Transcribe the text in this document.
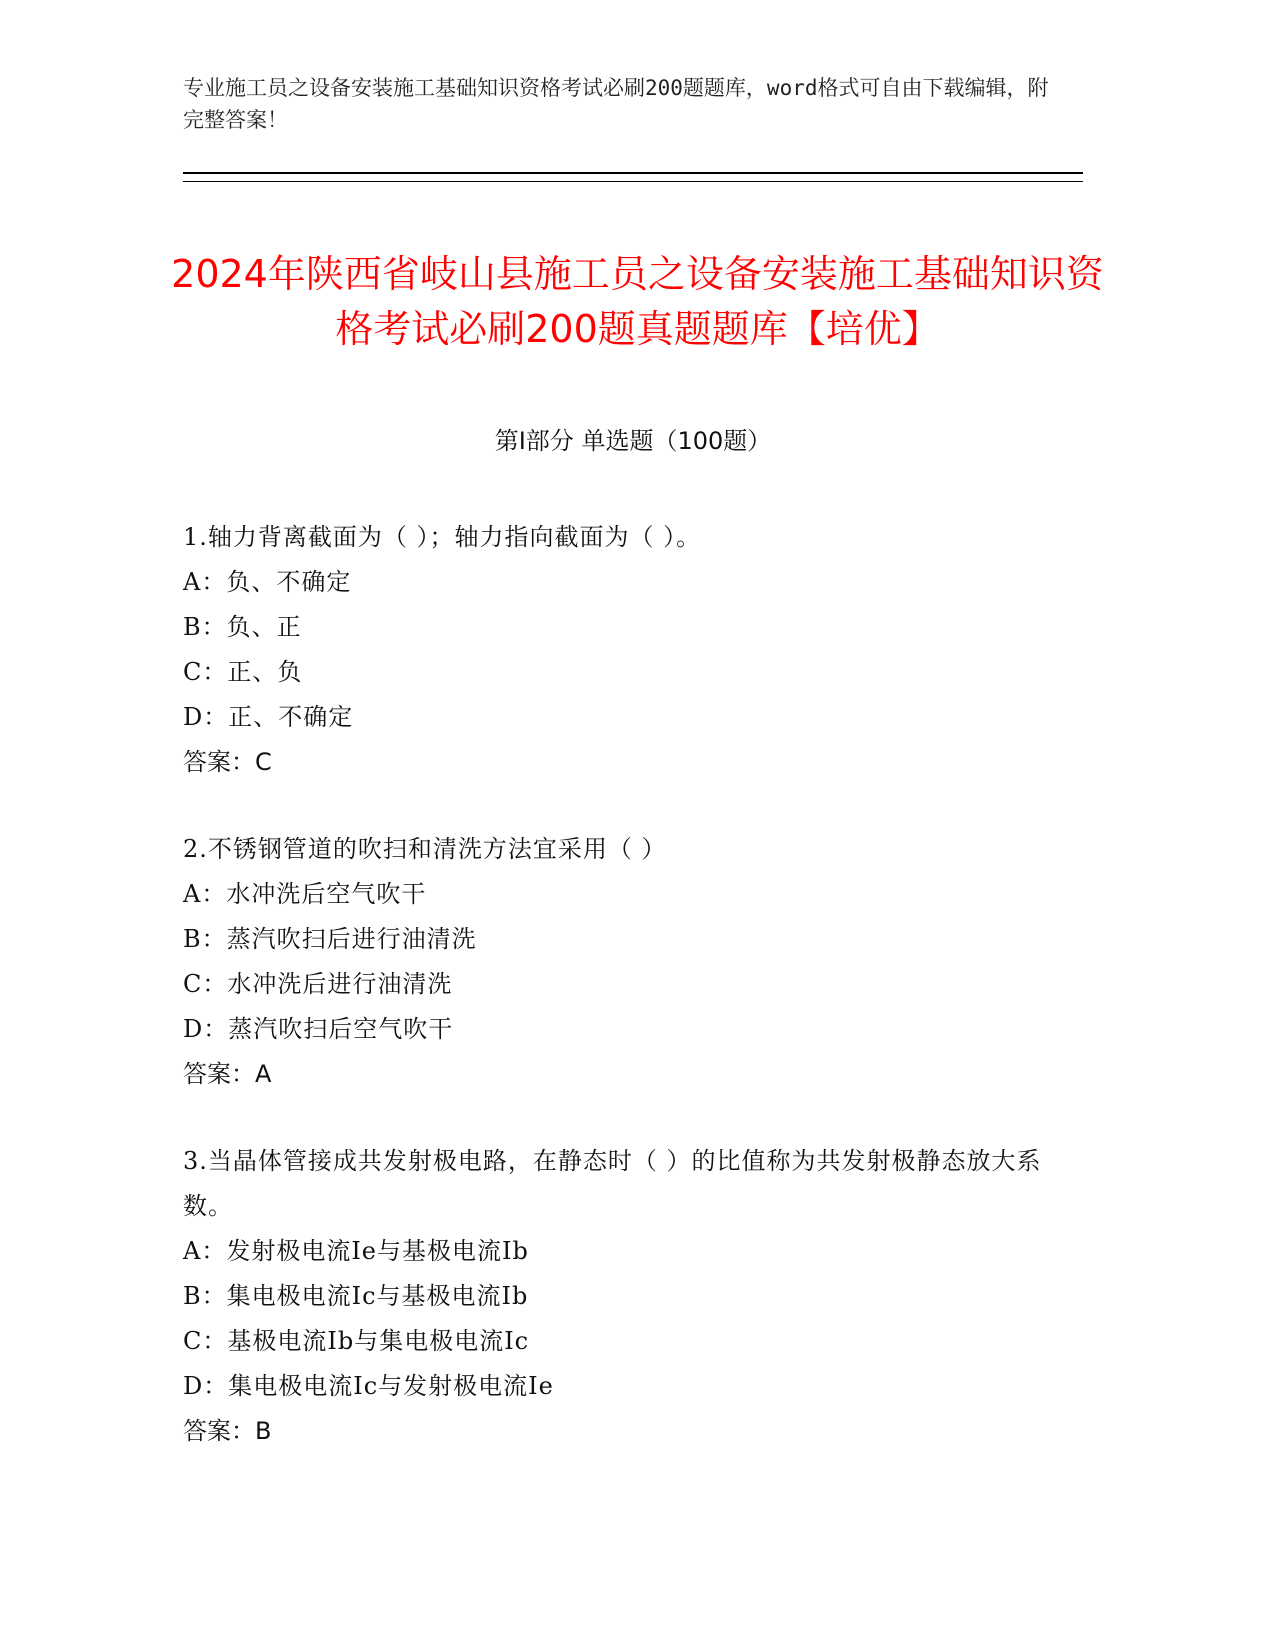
专业施工员之设备安装施工基础知识资格考试必刷200题题库，word格式可自由下载编辑，附完整答案！
2024年陕西省岐山县施工员之设备安装施工基础知识资格考试必刷200题真题题库【培优】
第I部分 单选题（100题）
1.轴力背离截面为（ ）；轴力指向截面为（ ）。
A：负、不确定
B：负、正
C：正、负
D：正、不确定
答案：C
2.不锈钢管道的吹扫和清洗方法宜采用（ ）
A：水冲洗后空气吹干
B：蒸汽吹扫后进行油清洗
C：水冲洗后进行油清洗
D：蒸汽吹扫后空气吹干
答案：A
3.当晶体管接成共发射极电路，在静态时（ ）的比值称为共发射极静态放大系数。
A：发射极电流Ie与基极电流Ib
B：集电极电流Ic与基极电流Ib
C：基极电流Ib与集电极电流Ic
D：集电极电流Ic与发射极电流Ie
答案：B
